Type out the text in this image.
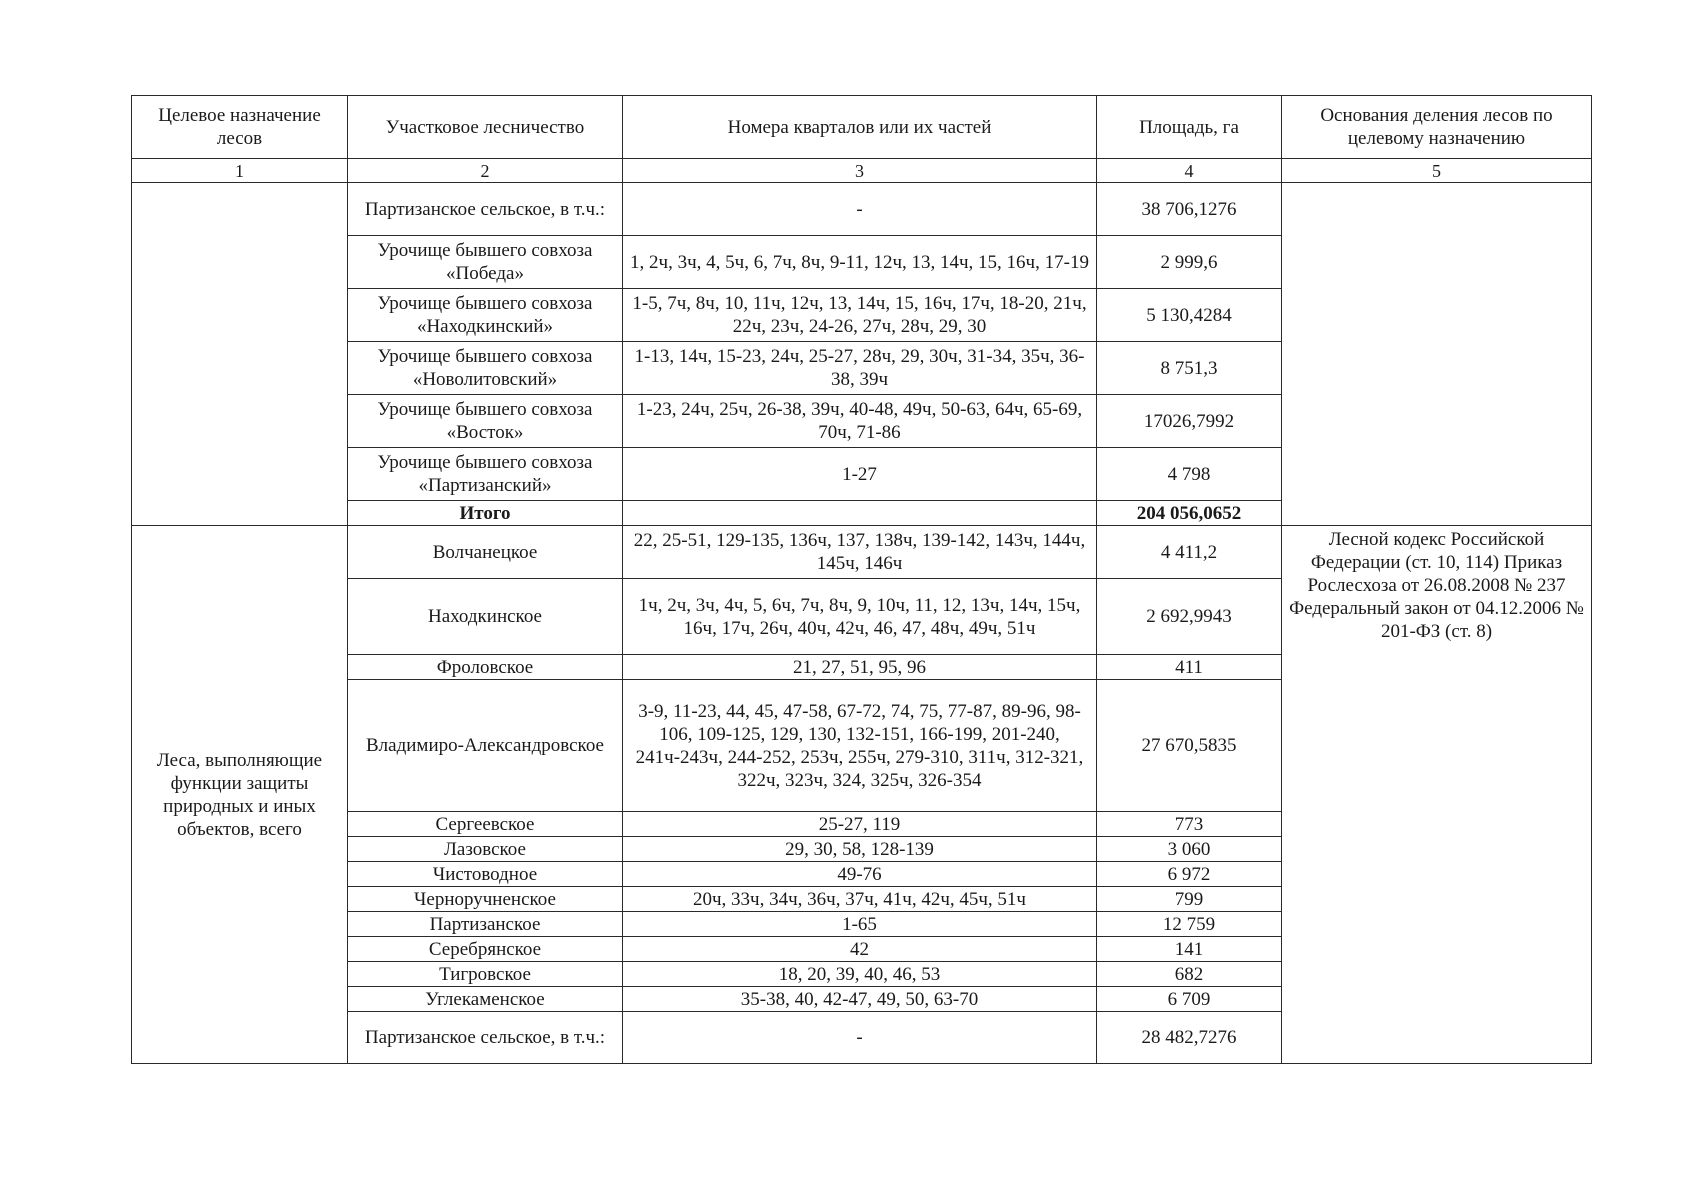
Целевое назначение лесов	Участковое лесничество	Номера кварталов или их частей	Площадь, га	Основания деления лесов по целевому назначению
1	2	3	4	5
	Партизанское сельское, в т.ч.:	-	38 706,1276	
	Урочище бывшего совхоза «Победа»	1, 2ч, 3ч, 4, 5ч, 6, 7ч, 8ч, 9-11, 12ч, 13, 14ч, 15, 16ч, 17-19	2 999,6	
	Урочище бывшего совхоза «Находкинский»	1-5, 7ч, 8ч, 10, 11ч, 12ч, 13, 14ч, 15, 16ч, 17ч, 18-20, 21ч, 22ч, 23ч, 24-26, 27ч, 28ч, 29, 30	5 130,4284	
	Урочище бывшего совхоза «Новолитовский»	1-13, 14ч, 15-23, 24ч, 25-27, 28ч, 29, 30ч, 31-34, 35ч, 36-38, 39ч	8 751,3	
	Урочище бывшего совхоза «Восток»	1-23, 24ч, 25ч, 26-38, 39ч, 40-48, 49ч, 50-63, 64ч, 65-69, 70ч, 71-86	17026,7992	
	Урочище бывшего совхоза «Партизанский»	1-27	4 798	
	Итого		204 056,0652	
Леса, выполняющие функции защиты природных и иных объектов, всего	Волчанецкое	22, 25-51, 129-135, 136ч, 137, 138ч, 139-142, 143ч, 144ч, 145ч, 146ч	4 411,2	Лесной кодекс Российской Федерации (ст. 10, 114) Приказ Рослесхоза от 26.08.2008 № 237 Федеральный закон от 04.12.2006 № 201-ФЗ (ст. 8)
	Находкинское	1ч, 2ч, 3ч, 4ч, 5, 6ч, 7ч, 8ч, 9, 10ч, 11, 12, 13ч, 14ч, 15ч, 16ч, 17ч, 26ч, 40ч, 42ч, 46, 47, 48ч, 49ч, 51ч	2 692,9943	
	Фроловское	21, 27, 51, 95, 96	411	
	Владимиро-Александровское	3-9, 11-23, 44, 45, 47-58, 67-72, 74, 75, 77-87, 89-96, 98-106, 109-125, 129, 130, 132-151, 166-199, 201-240, 241ч-243ч, 244-252, 253ч, 255ч, 279-310, 311ч, 312-321, 322ч, 323ч, 324, 325ч, 326-354	27 670,5835	
	Сергеевское	25-27, 119	773	
	Лазовское	29, 30, 58, 128-139	3 060	
	Чистоводное	49-76	6 972	
	Черноручненское	20ч, 33ч, 34ч, 36ч, 37ч, 41ч, 42ч, 45ч, 51ч	799	
	Партизанское	1-65	12 759	
	Серебрянское	42	141	
	Тигровское	18, 20, 39, 40, 46, 53	682	
	Углекаменское	35-38, 40, 42-47, 49, 50, 63-70	6 709	
	Партизанское сельское, в т.ч.:	-	28 482,7276	
